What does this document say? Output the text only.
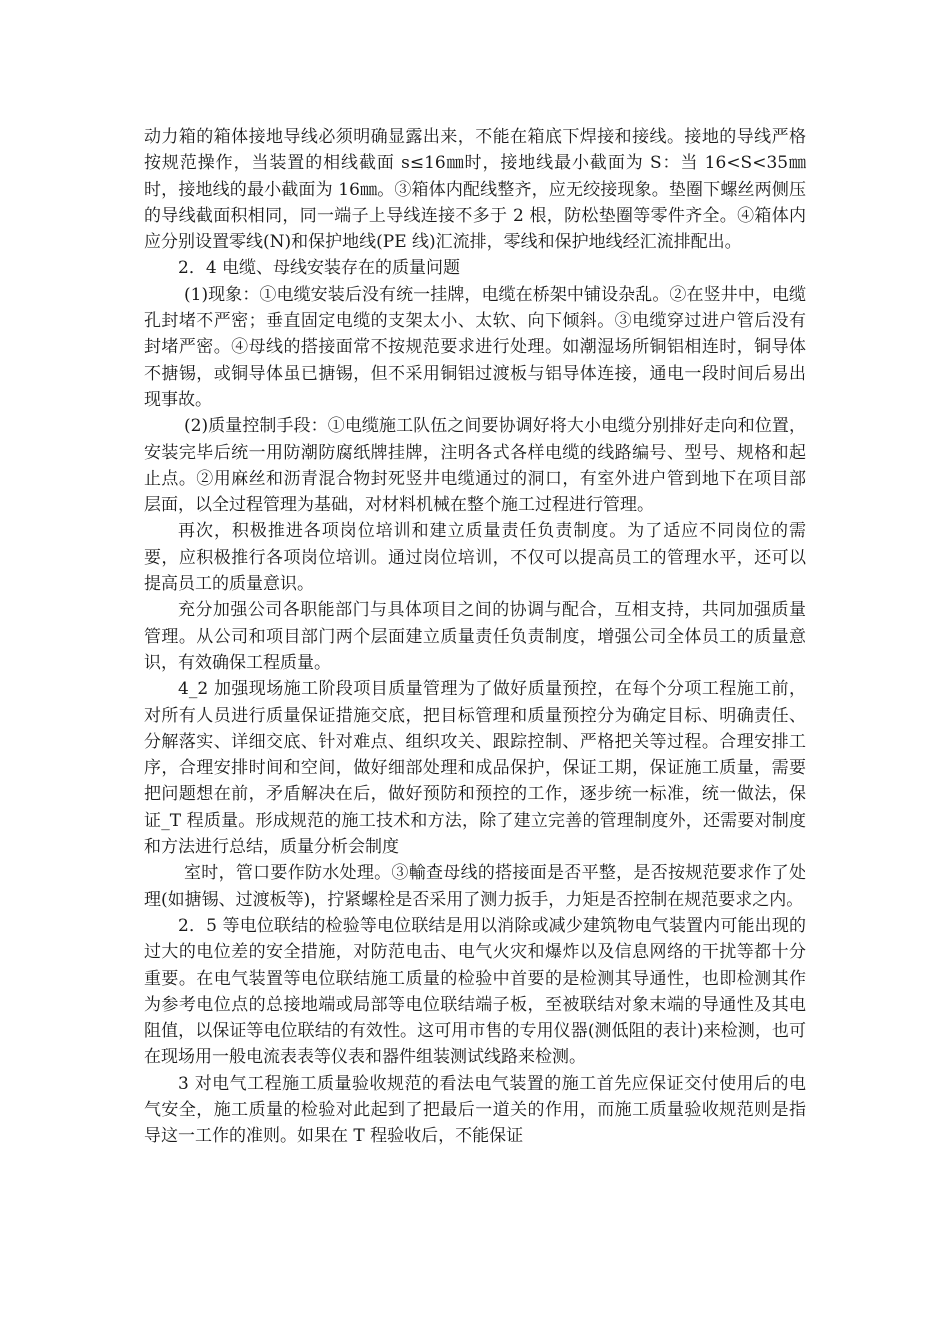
动力箱的箱体接地导线必须明确显露出来，不能在箱底下焊接和接线。接地的导线严格按规范操作，当装置的相线截面 s≤16㎜时，接地线最小截面为 S：当 16<S<35㎜时，接地线的最小截面为 16㎜。③箱体内配线整齐，应无绞接现象。垫圈下螺丝两侧压的导线截面积相同，同一端子上导线连接不多于 2 根，防松垫圈等零件齐全。④箱体内应分别设置零线(N)和保护地线(PE 线)汇流排，零线和保护地线经汇流排配出。

2．4 电缆、母线安装存在的质量问题

(1)现象：①电缆安装后没有统一挂牌，电缆在桥架中铺设杂乱。②在竖井中，电缆孔封堵不严密；垂直固定电缆的支架太小、太软、向下倾斜。③电缆穿过进户管后没有封堵严密。④母线的搭接面常不按规范要求进行处理。如潮湿场所铜铝相连时，铜导体不搪锡，或铜导体虽已搪锡，但不采用铜铝过渡板与铝导体连接，通电一段时间后易出现事故。

(2)质量控制手段：①电缆施工队伍之间要协调好将大小电缆分别排好走向和位置，安装完毕后统一用防潮防腐纸牌挂牌，注明各式各样电缆的线路编号、型号、规格和起止点。②用麻丝和沥青混合物封死竖井电缆通过的洞口，有室外进户管到地下在项目部层面，以全过程管理为基础，对材料机械在整个施工过程进行管理。

再次，积极推进各项岗位培训和建立质量责任负责制度。为了适应不同岗位的需要，应积极推行各项岗位培训。通过岗位培训，不仅可以提高员工的管理水平，还可以提高员工的质量意识。

充分加强公司各职能部门与具体项目之间的协调与配合，互相支持，共同加强质量管理。从公司和项目部门两个层面建立质量责任负责制度，增强公司全体员工的质量意识，有效确保工程质量。

4_2 加强现场施工阶段项目质量管理为了做好质量预控，在每个分项工程施工前，对所有人员进行质量保证措施交底，把目标管理和质量预控分为确定目标、明确责任、分解落实、详细交底、针对难点、组织攻关、跟踪控制、严格把关等过程。合理安排工序，合理安排时间和空间，做好细部处理和成品保护，保证工期，保证施工质量，需要把问题想在前，矛盾解决在后，做好预防和预控的工作，逐步统一标准，统一做法，保证_T 程质量。形成规范的施工技术和方法，除了建立完善的管理制度外，还需要对制度和方法进行总结，质量分析会制度

室时，管口要作防水处理。③輸查母线的搭接面是否平整，是否按规范要求作了处理(如搪锡、过渡板等)，拧紧螺栓是否采用了测力扳手，力矩是否控制在规范要求之内。

2．5 等电位联结的检验等电位联结是用以消除或减少建筑物电气装置内可能出现的过大的电位差的安全措施，对防范电击、电气火灾和爆炸以及信息网络的干扰等都十分重要。在电气装置等电位联结施工质量的检验中首要的是检测其导通性，也即检测其作为参考电位点的总接地端或局部等电位联结端子板，至被联结对象末端的导通性及其电阻值，以保证等电位联结的有效性。这可用市售的专用仪器(测低阻的表计)来检测，也可在现场用一般电流表表等仪表和器件组装测试线路来检测。

3 对电气工程施工质量验收规范的看法电气装置的施工首先应保证交付使用后的电气安全，施工质量的检验对此起到了把最后一道关的作用，而施工质量验收规范则是指导这一工作的准则。如果在 T 程验收后，不能保证
